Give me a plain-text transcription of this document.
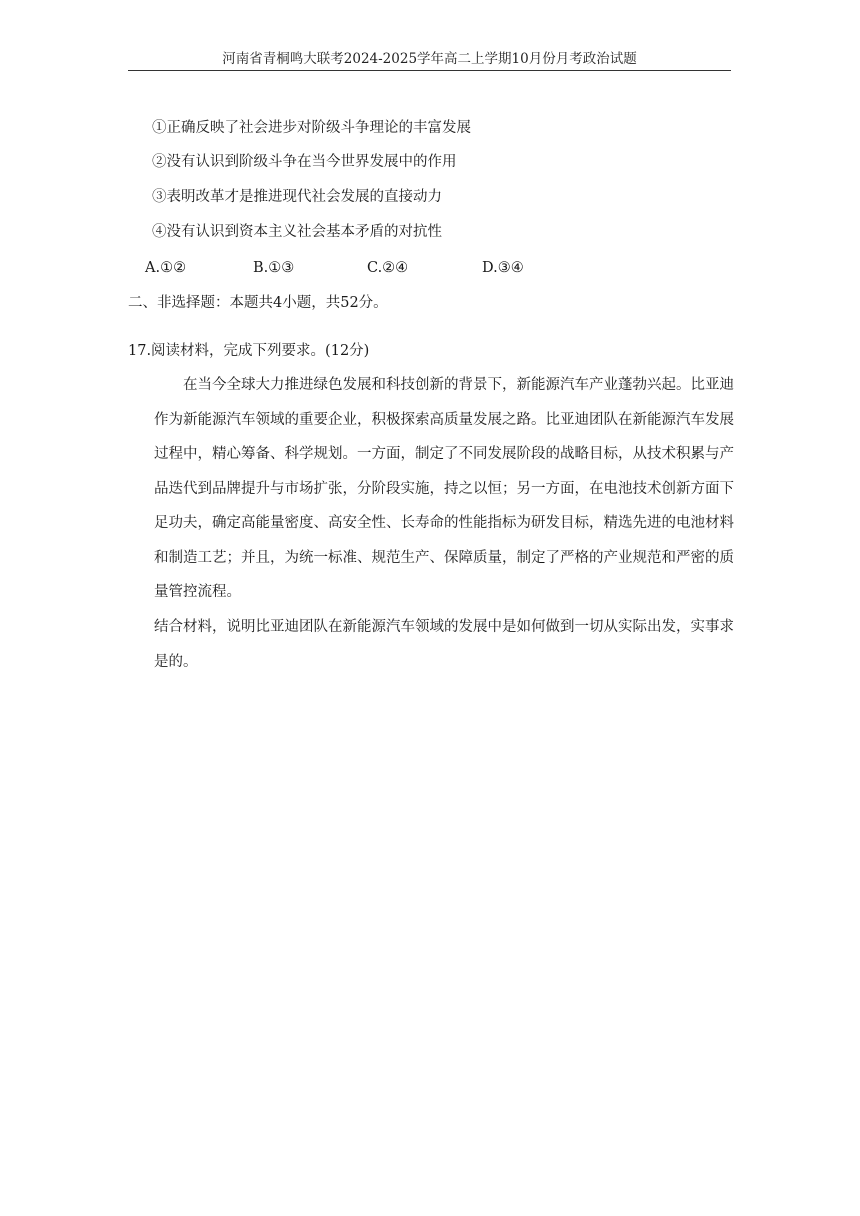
河南省青桐鸣大联考2024-2025学年高二上学期10月份月考政治试题
①正确反映了社会进步对阶级斗争理论的丰富发展
②没有认识到阶级斗争在当今世界发展中的作用
③表明改革才是推进现代社会发展的直接动力
④没有认识到资本主义社会基本矛盾的对抗性
A.①②	B.①③	C.②④	D.③④
二、非选择题：本题共4小题，共52分。
17.阅读材料，完成下列要求。(12分)
在当今全球大力推进绿色发展和科技创新的背景下，新能源汽车产业蓬勃兴起。比亚迪作为新能源汽车领域的重要企业，积极探索高质量发展之路。比亚迪团队在新能源汽车发展过程中，精心筹备、科学规划。一方面，制定了不同发展阶段的战略目标，从技术积累与产品迭代到品牌提升与市场扩张，分阶段实施，持之以恒；另一方面，在电池技术创新方面下足功夫，确定高能量密度、高安全性、长寿命的性能指标为研发目标，精选先进的电池材料和制造工艺；并且，为统一标准、规范生产、保障质量，制定了严格的产业规范和严密的质量管控流程。
结合材料，说明比亚迪团队在新能源汽车领域的发展中是如何做到一切从实际出发，实事求是的。
